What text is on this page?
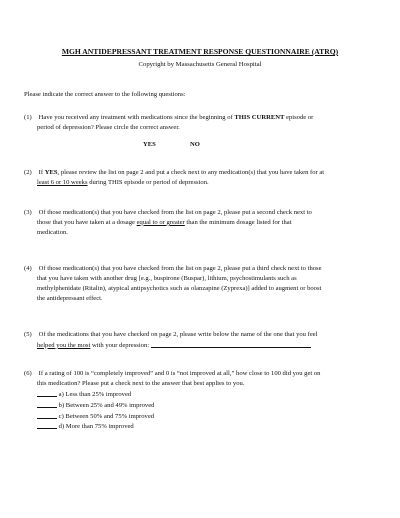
MGH ANTIDEPRESSANT TREATMENT RESPONSE QUESTIONNAIRE (ATRQ)
Copyright by Massachusetts General Hospital
Please indicate the correct answer to the following questions:
(1) Have you received any treatment with medications since the beginning of THIS CURRENT episode or
period of depression? Please circle the correct answer.
YES	NO
(2) If YES, please review the list on page 2 and put a check next to any medication(s) that you have taken for at
least 6 or 10 weeks during THIS episode or period of depression.
(3) Of those medication(s) that you have checked from the list on page 2, please put a second check next to
those that you have taken at a dosage equal to or greater than the minimum dosage listed for that
medication.
(4) Of those medication(s) that you have checked from the list on page 2, please put a third check next to those
that you have taken with another drug [e.g., buspirone (Buspar), lithium, psychostimulants such as
methylphenidate (Ritalin), atypical antipsychotics such as olanzapine (Zyprexa)] added to augment or boost
the antidepressant effect.
(5) Of the medications that you have checked on page 2, please write below the name of the one that you feel
helped you the most with your depression:
(6) If a rating of 100 is “completely improved” and 0 is “not improved at all,” how close to 100 did you get on
this medication? Please put a check next to the answer that best applies to you.
a) Less than 25% improved
b) Between 25% and 49% improved
c) Between 50% and 75% improved
d) More than 75% improved
